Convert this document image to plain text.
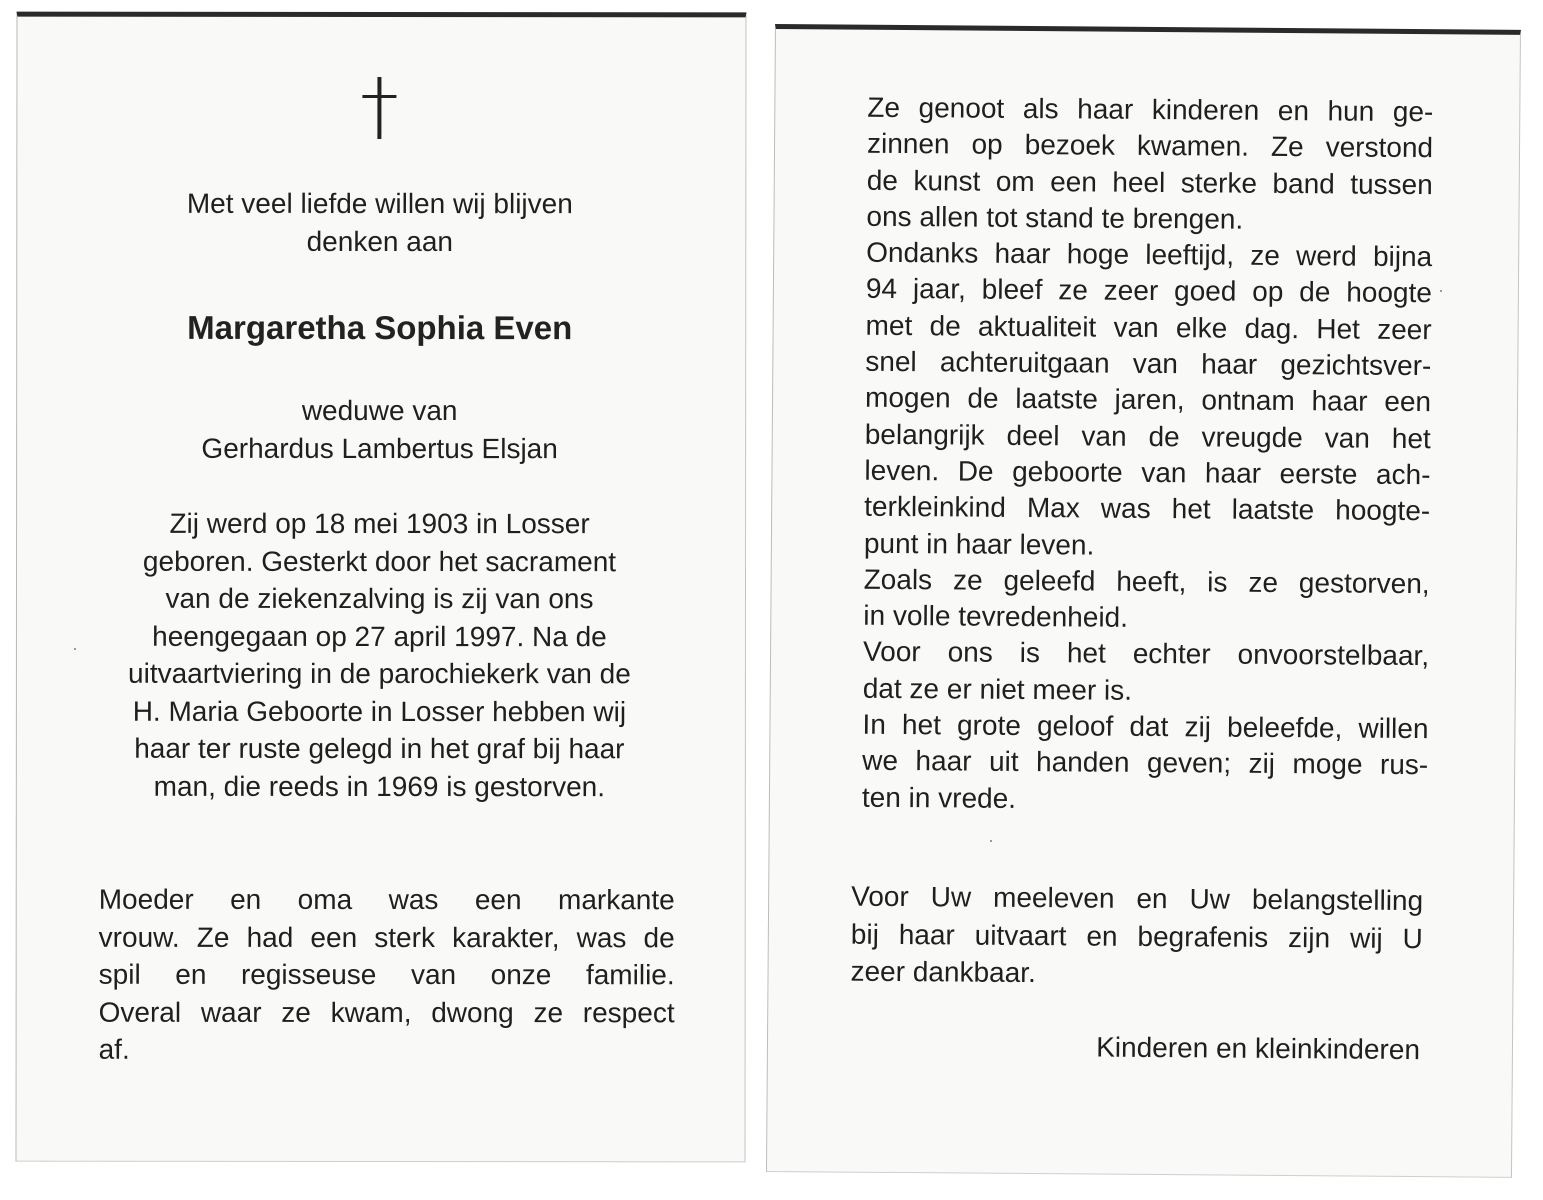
Met veel liefde willen wij blijven
denken aan

Margaretha Sophia Even

weduwe van
Gerhardus Lambertus Elsjan

Zij werd op 18 mei 1903 in Losser
geboren. Gesterkt door het sacrament
van de ziekenzalving is zij van ons
heengegaan op 27 april 1997. Na de
uitvaartviering in de parochiekerk van de
H. Maria Geboorte in Losser hebben wij
haar ter ruste gelegd in het graf bij haar
man, die reeds in 1969 is gestorven.

Moeder en oma was een markante
vrouw. Ze had een sterk karakter, was de
spil en regisseuse van onze familie.
Overal waar ze kwam, dwong ze respect
af.

Ze genoot als haar kinderen en hun ge-
zinnen op bezoek kwamen. Ze verstond
de kunst om een heel sterke band tussen
ons allen tot stand te brengen.
Ondanks haar hoge leeftijd, ze werd bijna
94 jaar, bleef ze zeer goed op de hoogte
met de aktualiteit van elke dag. Het zeer
snel achteruitgaan van haar gezichtsver-
mogen de laatste jaren, ontnam haar een
belangrijk deel van de vreugde van het
leven. De geboorte van haar eerste ach-
terkleinkind Max was het laatste hoogte-
punt in haar leven.
Zoals ze geleefd heeft, is ze gestorven,
in volle tevredenheid.
Voor ons is het echter onvoorstelbaar,
dat ze er niet meer is.
In het grote geloof dat zij beleefde, willen
we haar uit handen geven; zij moge rus-
ten in vrede.

Voor Uw meeleven en Uw belangstelling
bij haar uitvaart en begrafenis zijn wij U
zeer dankbaar.

Kinderen en kleinkinderen
